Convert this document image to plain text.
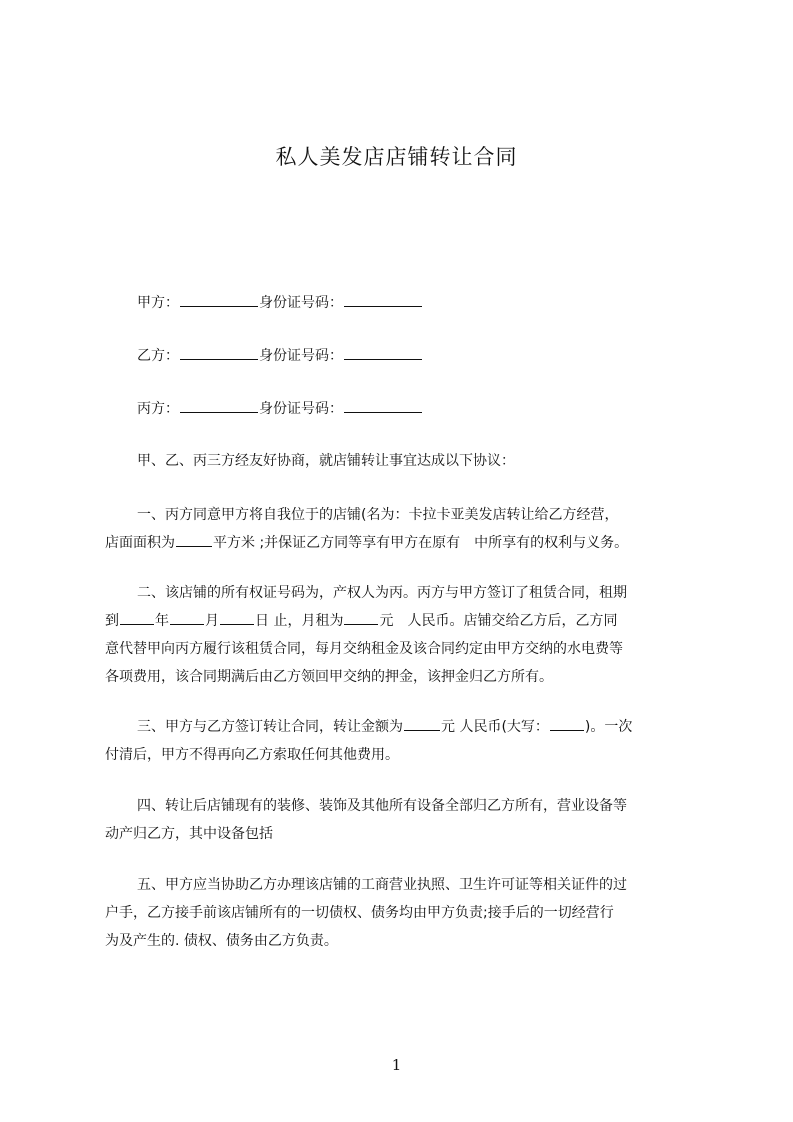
私人美发店店铺转让合同
甲方：	身份证号码：
乙方：	身份证号码：
丙方：	身份证号码：
甲、乙、丙三方经友好协商，就店铺转让事宜达成以下协议：

一、丙方同意甲方将自我位于的店铺(名为：卡拉卡亚美发店转让给乙方经营，

店面面积为	平方米 ;并保证乙方同等享有甲方在原有　中所享有的权利与义务。

二、该店铺的所有权证号码为，产权人为丙。丙方与甲方签订了租赁合同，租期

到	年	月	日 止，月租为	元　人民币。店铺交给乙方后，乙方同

意代替甲向丙方履行该租赁合同，每月交纳租金及该合同约定由甲方交纳的水电费等

各项费用，该合同期满后由乙方领回甲交纳的押金，该押金归乙方所有。

三、甲方与乙方签订转让合同，转让金额为	元 人民币(大写：	)。一次

付清后，甲方不得再向乙方索取任何其他费用。

四、转让后店铺现有的装修、装饰及其他所有设备全部归乙方所有，营业设备等

动产归乙方，其中设备包括

五、甲方应当协助乙方办理该店铺的工商营业执照、卫生许可证等相关证件的过

户手，乙方接手前该店铺所有的一切债权、债务均由甲方负责;接手后的一切经营行

为及产生的. 债权、债务由乙方负责。

1
